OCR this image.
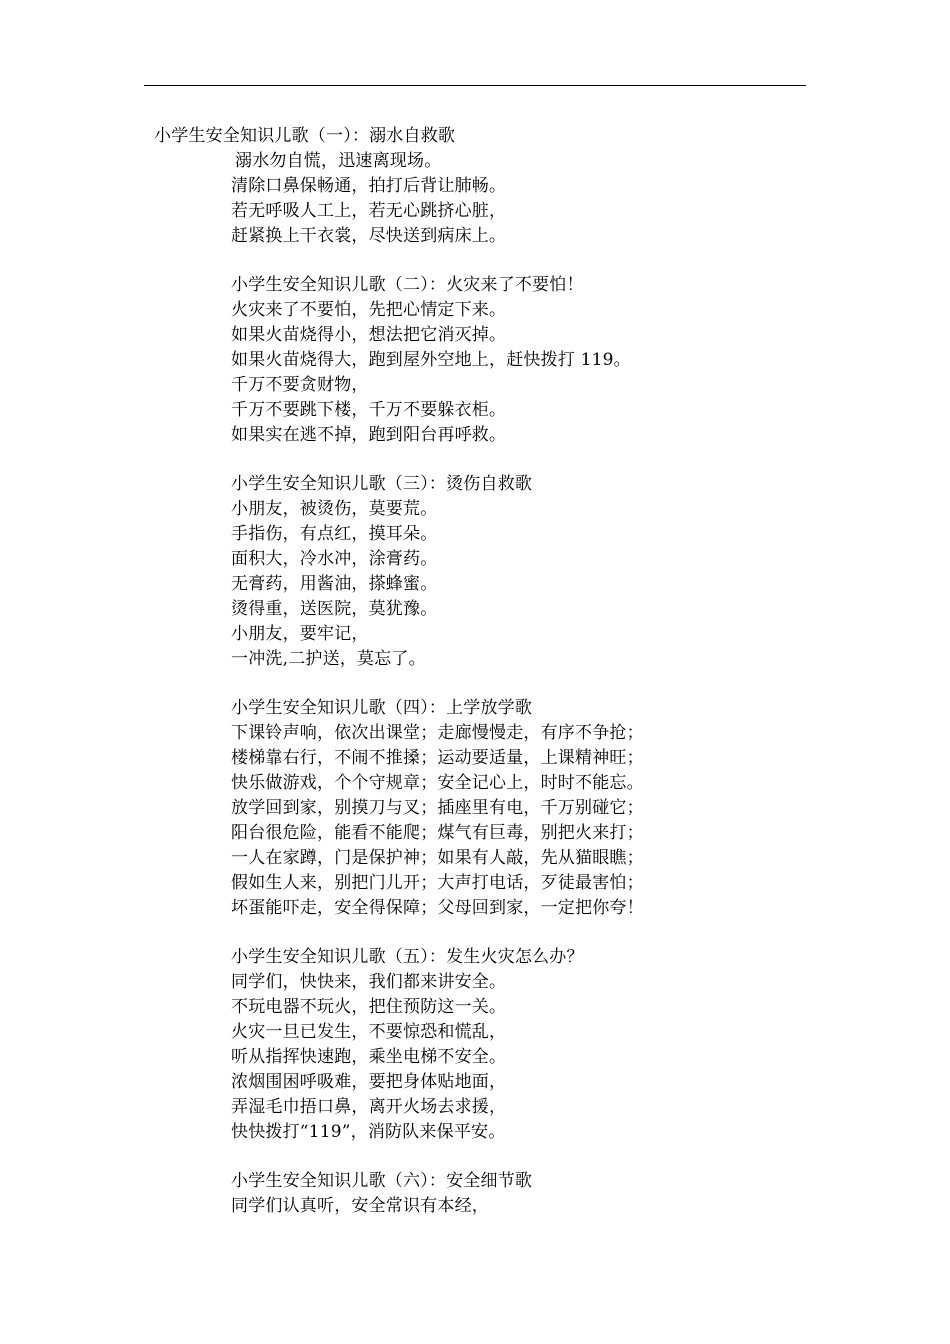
小学生安全知识儿歌（一）：溺水自救歌
溺水勿自慌，迅速离现场。
清除口鼻保畅通，拍打后背让肺畅。
若无呼吸人工上，若无心跳挤心脏，
赶紧换上干衣裳，尽快送到病床上。
小学生安全知识儿歌（二）：火灾来了不要怕！
火灾来了不要怕，先把心情定下来。
如果火苗烧得小，想法把它消灭掉。
如果火苗烧得大，跑到屋外空地上，赶快拨打 119。
千万不要贪财物，
千万不要跳下楼，千万不要躲衣柜。
如果实在逃不掉，跑到阳台再呼救。
小学生安全知识儿歌（三）：烫伤自救歌
小朋友，被烫伤，莫要荒。
手指伤，有点红，摸耳朵。
面积大，冷水冲，涂膏药。
无膏药，用酱油，搽蜂蜜。
烫得重，送医院，莫犹豫。
小朋友，要牢记，
一冲洗,二护送，莫忘了。
小学生安全知识儿歌（四）：上学放学歌
下课铃声响，依次出课堂；走廊慢慢走，有序不争抢；
楼梯靠右行，不闹不推搡；运动要适量，上课精神旺；
快乐做游戏，个个守规章；安全记心上，时时不能忘。
放学回到家，别摸刀与叉；插座里有电，千万别碰它；
阳台很危险，能看不能爬；煤气有巨毒，别把火来打；
一人在家蹲，门是保护神；如果有人敲，先从猫眼瞧；
假如生人来，别把门儿开；大声打电话，歹徒最害怕；
坏蛋能吓走，安全得保障；父母回到家，一定把你夸！
小学生安全知识儿歌（五）：发生火灾怎么办？
同学们，快快来，我们都来讲安全。
不玩电器不玩火，把住预防这一关。
火灾一旦已发生，不要惊恐和慌乱，
听从指挥快速跑，乘坐电梯不安全。
浓烟围困呼吸难，要把身体贴地面，
弄湿毛巾捂口鼻，离开火场去求援，
快快拨打“119”，消防队来保平安。
小学生安全知识儿歌（六）：安全细节歌
同学们认真听，安全常识有本经，
